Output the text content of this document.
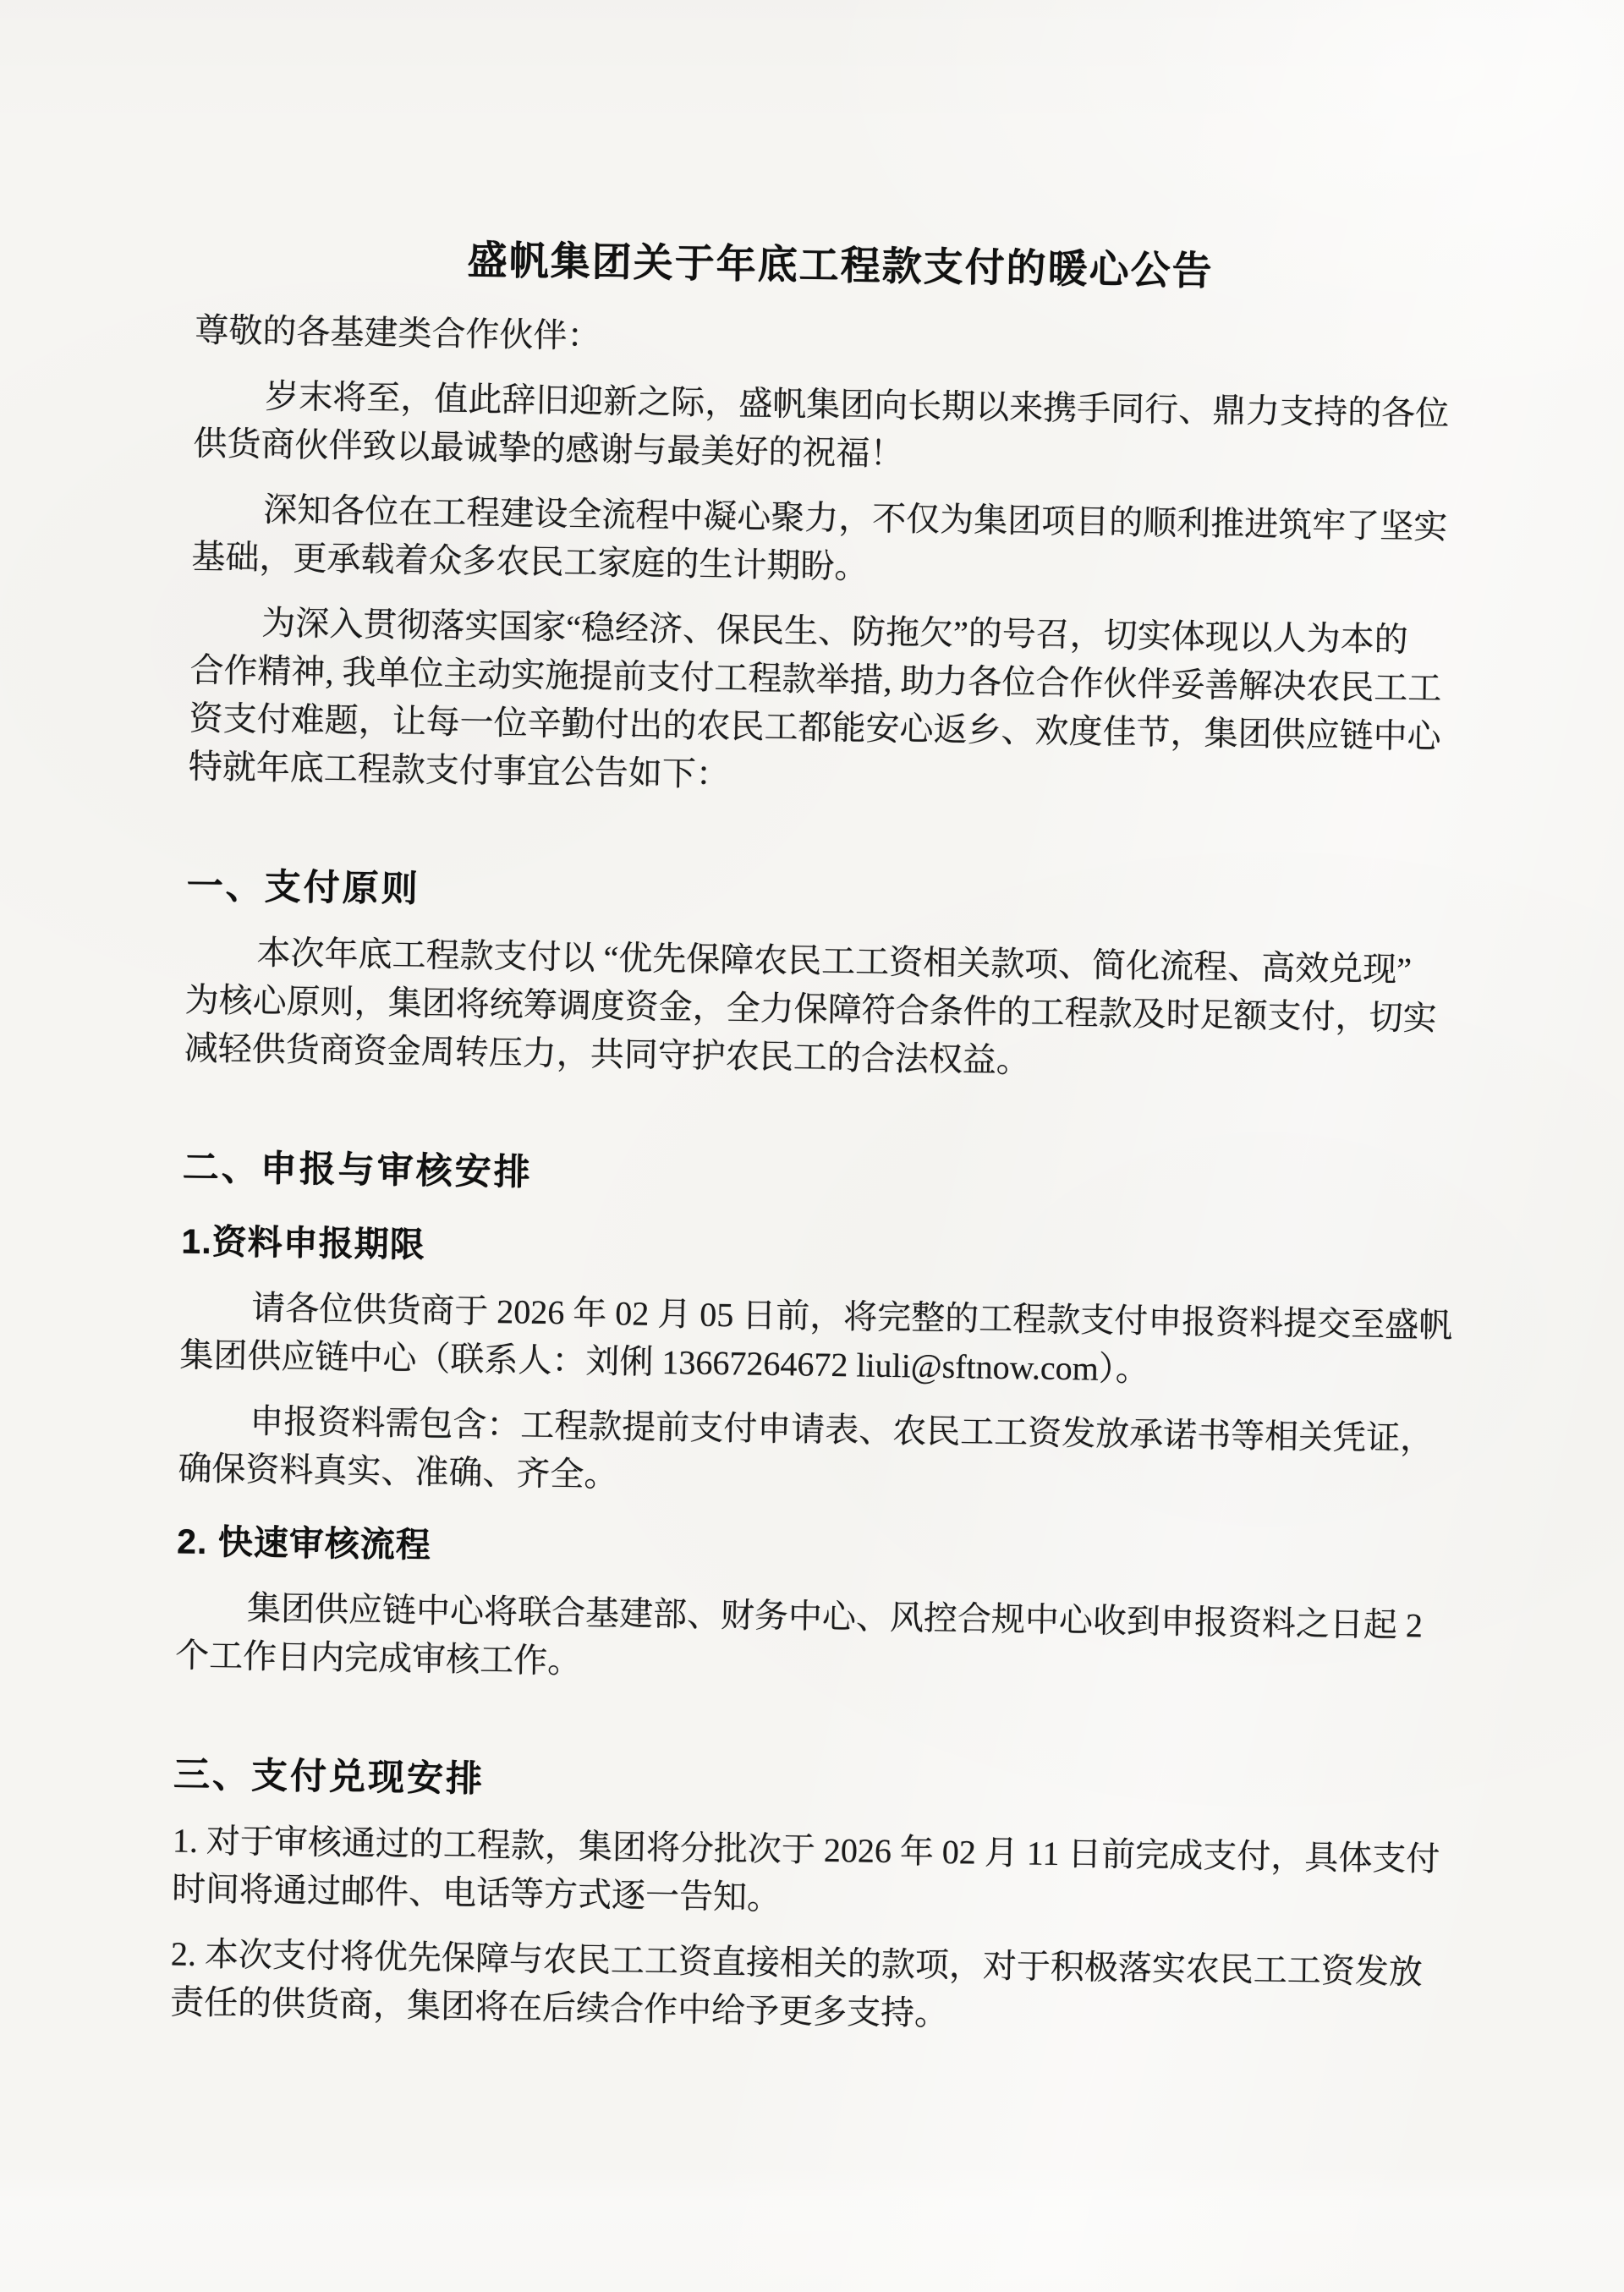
盛帆集团关于年底工程款支付的暖心公告
尊敬的各基建类合作伙伴：
岁末将至，值此辞旧迎新之际，盛帆集团向长期以来携手同行、鼎力支持的各位
供货商伙伴致以最诚挚的感谢与最美好的祝福！
深知各位在工程建设全流程中凝心聚力，不仅为集团项目的顺利推进筑牢了坚实
基础，更承载着众多农民工家庭的生计期盼。
为深入贯彻落实国家“稳经济、保民生、防拖欠”的号召，切实体现以人为本的
合作精神, 我单位主动实施提前支付工程款举措, 助力各位合作伙伴妥善解决农民工工
资支付难题，让每一位辛勤付出的农民工都能安心返乡、欢度佳节，集团供应链中心
特就年底工程款支付事宜公告如下：
一、支付原则
本次年底工程款支付以 “优先保障农民工工资相关款项、简化流程、高效兑现”
为核心原则，集团将统筹调度资金，全力保障符合条件的工程款及时足额支付，切实
减轻供货商资金周转压力，共同守护农民工的合法权益。
二、申报与审核安排
1.资料申报期限
请各位供货商于 2026 年 02 月 05 日前，将完整的工程款支付申报资料提交至盛帆
集团供应链中心（联系人：刘俐 13667264672 liuli@sftnow.com）。
申报资料需包含：工程款提前支付申请表、农民工工资发放承诺书等相关凭证，
确保资料真实、准确、齐全。
2. 快速审核流程
集团供应链中心将联合基建部、财务中心、风控合规中心收到申报资料之日起 2
个工作日内完成审核工作。
三、支付兑现安排
1. 对于审核通过的工程款，集团将分批次于 2026 年 02 月 11 日前完成支付，具体支付
时间将通过邮件、电话等方式逐一告知。
2. 本次支付将优先保障与农民工工资直接相关的款项，对于积极落实农民工工资发放
责任的供货商，集团将在后续合作中给予更多支持。
